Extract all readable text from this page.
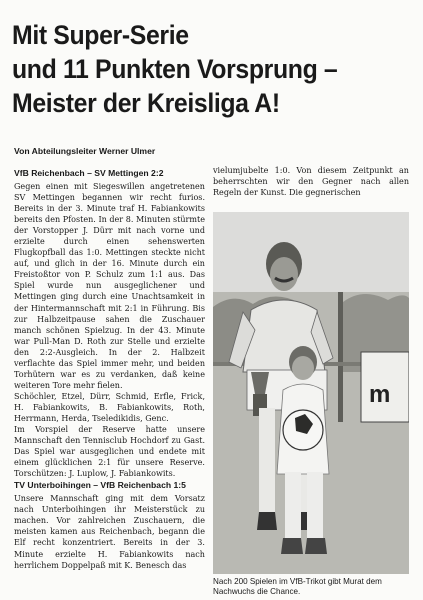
Mit Super-Serie
und 11 Punkten Vorsprung –
Meister der Kreisliga A!
Von Abteilungsleiter Werner Ulmer

VfB Reichenbach – SV Mettingen 2:2

Gegen einen mit Siegeswillen angetretenen SV Mettingen begannen wir recht furios. Bereits in der 3. Minute traf H. Fabiankowits bereits den Pfosten. In der 8. Minuten stürmte der Vorstopper J. Dürr mit nach vorne und erzielte durch einen sehenswerten Flugkopfball das 1:0. Mettingen steckte nicht auf, und glich in der 16. Minute durch ein Freistoßtor von P. Schulz zum 1:1 aus. Das Spiel wurde nun ausgeglichener und Mettingen ging durch eine Unachtsamkeit in der Hintermannschaft mit 2:1 in Führung. Bis zur Halbzeitpause sahen die Zuschauer manch schönen Spielzug. In der 43. Minute war Pull-Man D. Roth zur Stelle und erzielte den 2:2-Ausgleich. In der 2. Halbzeit verflachte das Spiel immer mehr, und beiden Torhütern war es zu verdanken, daß keine weiteren Tore mehr fielen.

Schöchler, Etzel, Dürr, Schmid, Erfle, Frick, H. Fabiankowits, B. Fabiankowits, Roth, Herrmann, Herda, Tseledikidis, Genc.

Im Vorspiel der Reserve hatte unsere Mannschaft den Tennisclub Hochdorf zu Gast. Das Spiel war ausgeglichen und endete mit einem glücklichen 2:1 für unsere Reserve. Torschützen: J. Luplow, J. Fabiankowits.

TV Unterboihingen – VfB Reichenbach 1:5

Unsere Mannschaft ging mit dem Vorsatz nach Unterboihingen ihr Meisterstück zu machen. Vor zahlreichen Zuschauern, die meisten kamen aus Reichenbach, begann die Elf recht konzentriert. Bereits in der 3. Minute erzielte H. Fabiankowits nach herrlichem Doppelpaß mit K. Benesch das

vielumjubelte 1:0. Von diesem Zeitpunkt an beherrschten wir den Gegner nach allen Regeln der Kunst. Die gegnerischen

m
Nach 200 Spielen im VfB-Trikot gibt Murat dem Nachwuchs die Chance.
